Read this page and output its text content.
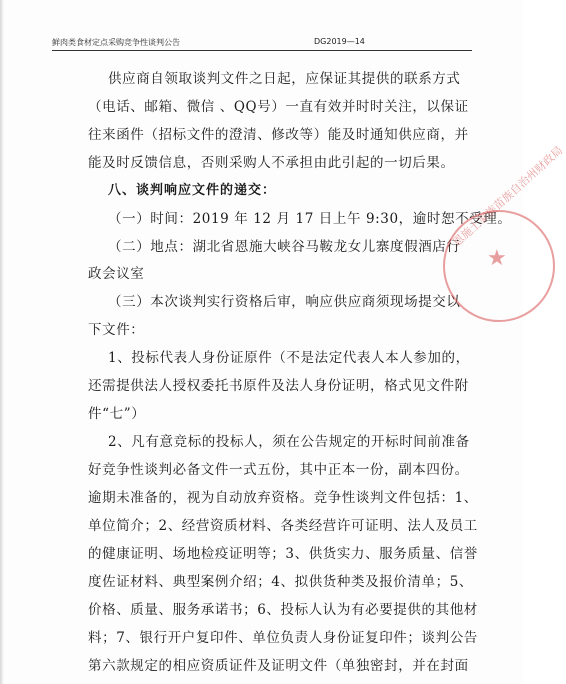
鲜肉类食材定点采购竞争性谈判公告	DG2019—14
供应商自领取谈判文件之日起，应保证其提供的联系方式
（电话、邮箱、微信 、QQ号）一直有效并时时关注，以保证
往来函件（招标文件的澄清、修改等）能及时通知供应商，并
能及时反馈信息，否则采购人不承担由此引起的一切后果。
八、谈判响应文件的递交：
（一）时间：2019 年 12 月 17 日上午 9:30，逾时恕不受理。
（二）地点：湖北省恩施大峡谷马鞍龙女儿寨度假酒店行
政会议室
（三）本次谈判实行资格后审，响应供应商须现场提交以
下文件：
1、投标代表人身份证原件（不是法定代表人本人参加的，
还需提供法人授权委托书原件及法人身份证明，格式见文件附
件“七”）
2、凡有意竞标的投标人，须在公告规定的开标时间前准备
好竞争性谈判必备文件一式五份，其中正本一份，副本四份。
逾期未准备的，视为自动放弃资格。竞争性谈判文件包括：1、
单位简介；2、经营资质材料、各类经营许可证明、法人及员工
的健康证明、场地检疫证明等；3、供货实力、服务质量、信誉
度佐证材料、典型案例介绍；4、拟供货种类及报价清单；5、
价格、质量、服务承诺书；6、投标人认为有必要提供的其他材
料；7、银行开户复印件、单位负责人身份证复印件；谈判公告
第六款规定的相应资质证件及证明文件（单独密封，并在封面
恩施土家族苗族自治州财政局
★
